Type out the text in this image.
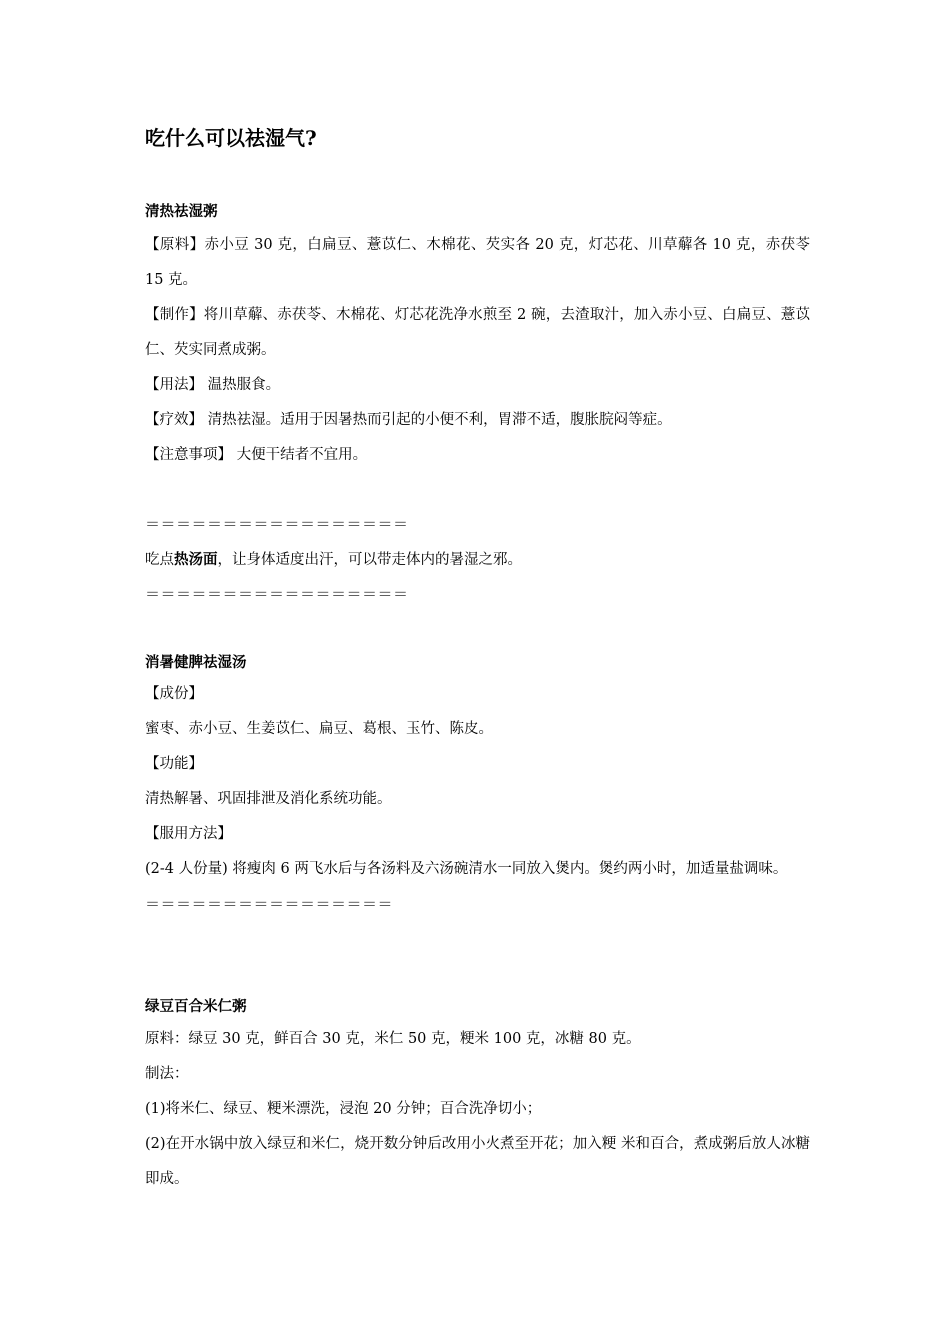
吃什么可以祛湿气?

清热祛湿粥

【原料】赤小豆 30 克，白扁豆、薏苡仁、木棉花、芡实各 20 克，灯芯花、川草薢各 10 克，赤茯苓 15 克。

【制作】将川草薢、赤茯苓、木棉花、灯芯花洗净水煎至 2 碗，去渣取汁，加入赤小豆、白扁豆、薏苡仁、芡实同煮成粥。

【用法】 温热服食。

【疗效】 清热祛湿。适用于因暑热而引起的小便不利，胃滞不适，腹胀脘闷等症。

【注意事项】 大便干结者不宜用。

＝＝＝＝＝＝＝＝＝＝＝＝＝＝＝＝＝

吃点热汤面，让身体适度出汗，可以带走体内的暑湿之邪。

＝＝＝＝＝＝＝＝＝＝＝＝＝＝＝＝＝

消暑健脾祛湿汤

【成份】

蜜枣、赤小豆、生姜苡仁、扁豆、葛根、玉竹、陈皮。

【功能】

清热解暑、巩固排泄及消化系统功能。

【服用方法】

(2-4 人份量) 将瘦肉 6 两飞水后与各汤料及六汤碗清水一同放入煲内。煲约两小时，加适量盐调味。

＝＝＝＝＝＝＝＝＝＝＝＝＝＝＝＝

绿豆百合米仁粥

原料：绿豆 30 克，鲜百合 30 克，米仁 50 克，粳米 100 克，冰糖 80 克。

制法：

(1)将米仁、绿豆、粳米漂洗，浸泡 20 分钟；百合洗净切小；

(2)在开水锅中放入绿豆和米仁，烧开数分钟后改用小火煮至开花；加入粳 米和百合，煮成粥后放人冰糖即成。
